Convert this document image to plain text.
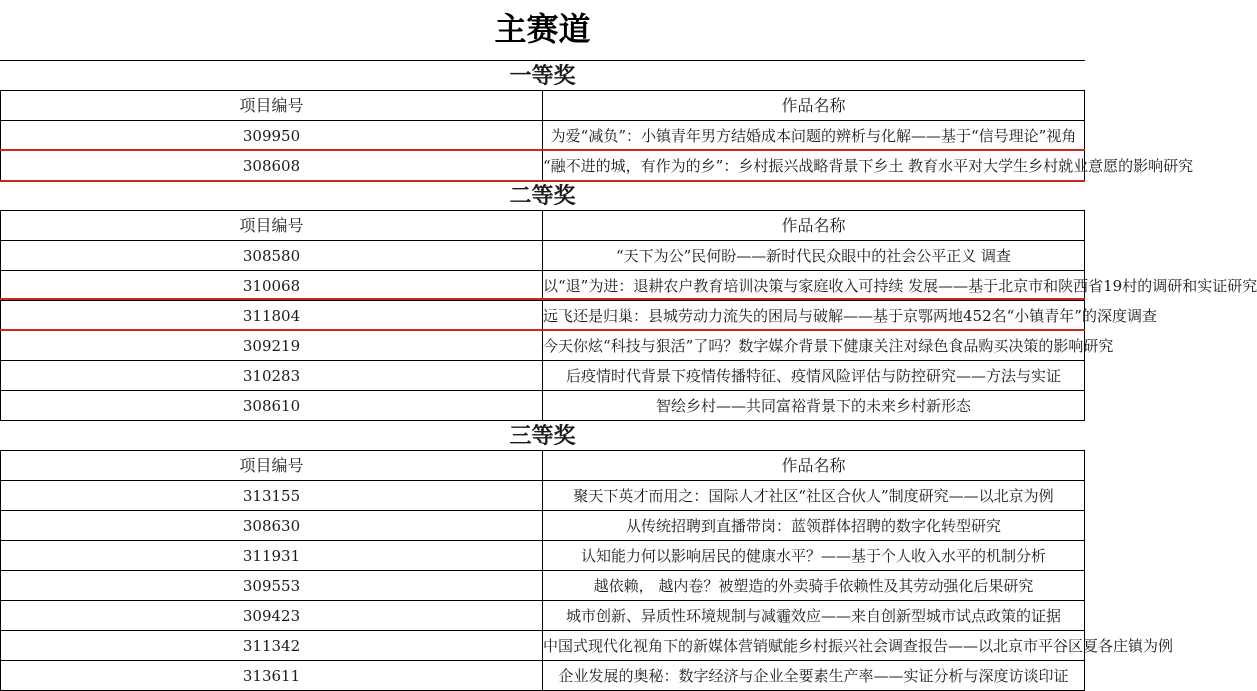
主赛道
一等奖	
项目编号	作品名称
309950	为爱“减负”：小镇青年男方结婚成本问题的辨析与化解——基于“信号理论”视角
308608	“融不进的城，有作为的乡”：乡村振兴战略背景下乡土 教育水平对大学生乡村就业意愿的影响研究
二等奖	
项目编号	作品名称
308580	“天下为公”民何盼——新时代民众眼中的社会公平正义 调查
310068	以“退”为进：退耕农户教育培训决策与家庭收入可持续 发展——基于北京市和陕西省19村的调研和实证研究
311804	远飞还是归巢：县城劳动力流失的困局与破解——基于京鄂两地452名“小镇青年”的深度调查
309219	今天你炫“科技与狠活”了吗？数字媒介背景下健康关注对绿色食品购买决策的影响研究
310283	后疫情时代背景下疫情传播特征、疫情风险评估与防控研究——方法与实证
308610	智绘乡村——共同富裕背景下的未来乡村新形态
三等奖	
项目编号	作品名称
313155	聚天下英才而用之：国际人才社区“社区合伙人”制度研究——以北京为例
308630	从传统招聘到直播带岗：蓝领群体招聘的数字化转型研究
311931	认知能力何以影响居民的健康水平？——基于个人收入水平的机制分析
309553	越依赖， 越内卷？被塑造的外卖骑手依赖性及其劳动强化后果研究
309423	城市创新、异质性环境规制与减霾效应——来自创新型城市试点政策的证据
311342	中国式现代化视角下的新媒体营销赋能乡村振兴社会调查报告——以北京市平谷区夏各庄镇为例
313611	企业发展的奥秘：数字经济与企业全要素生产率——实证分析与深度访谈印证
